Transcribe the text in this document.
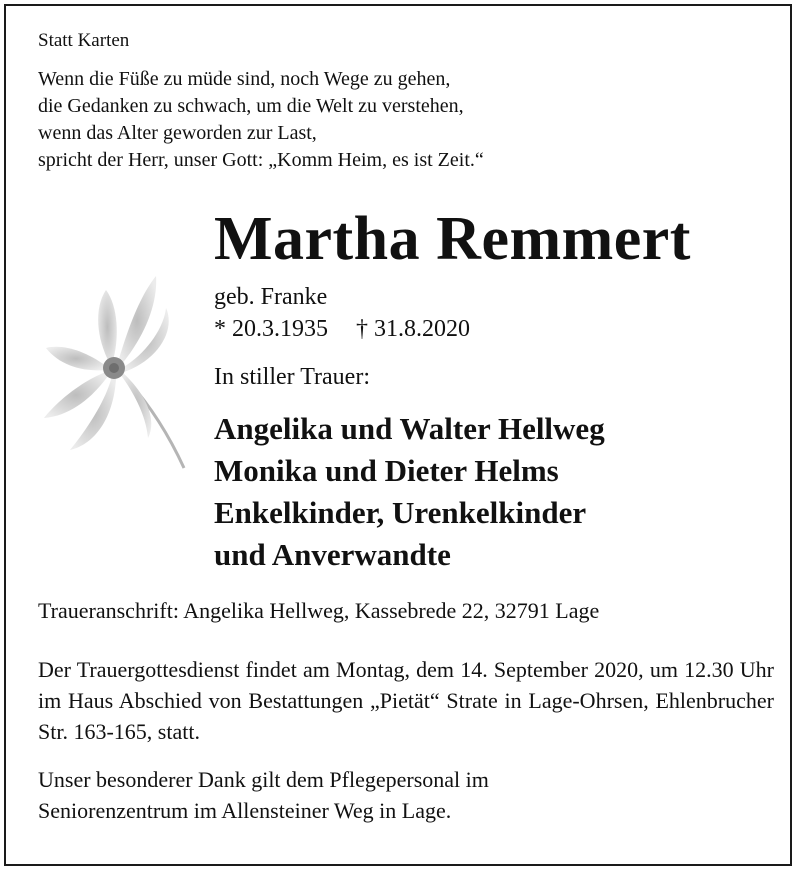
Statt Karten
Wenn die Füße zu müde sind, noch Wege zu gehen,
die Gedanken zu schwach, um die Welt zu verstehen,
wenn das Alter geworden zur Last,
spricht der Herr, unser Gott: „Komm Heim, es ist Zeit.“
Martha Remmert
geb. Franke
* 20.3.1935 † 31.8.2020
In stiller Trauer:
Angelika und Walter Hellweg
Monika und Dieter Helms
Enkelkinder, Urenkelkinder
und Anverwandte
Traueranschrift: Angelika Hellweg, Kassebrede 22, 32791 Lage
Der Trauergottesdienst findet am Montag, dem 14. September 2020, um 12.30 Uhr im Haus Abschied von Bestattungen „Pietät“ Strate in Lage-Ohrsen, Ehlenbrucher Str. 163-165, statt.
Unser besonderer Dank gilt dem Pflegepersonal im
Seniorenzentrum im Allensteiner Weg in Lage.
